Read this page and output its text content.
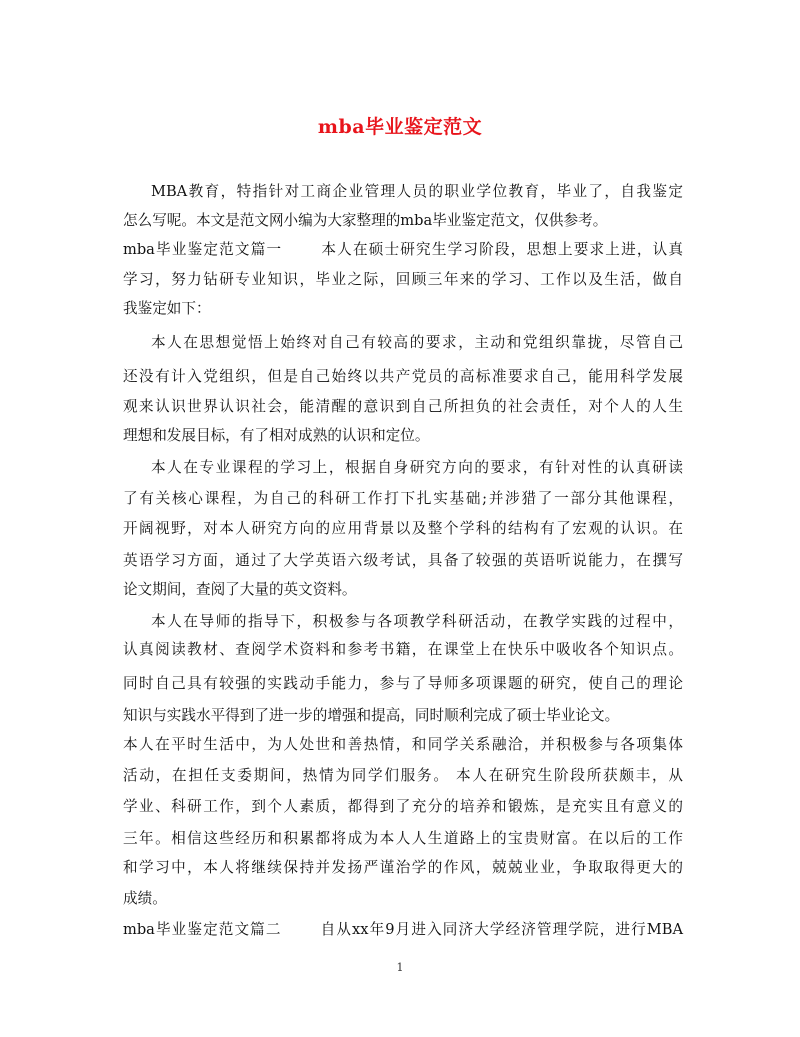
mba毕业鉴定范文
MBA教育，特指针对工商企业管理人员的职业学位教育，毕业了，自我鉴定
怎么写呢。本文是范文网小编为大家整理的mba毕业鉴定范文，仅供参考。
mba毕业鉴定范文篇一	本人在硕士研究生学习阶段，思想上要求上进，认真
学习，努力钻研专业知识，毕业之际，回顾三年来的学习、工作以及生活，做自
我鉴定如下：
本人在思想觉悟上始终对自己有较高的要求，主动和党组织靠拢，尽管自己
还没有计入党组织，但是自己始终以共产党员的高标准要求自己，能用科学发展
观来认识世界认识社会，能清醒的意识到自己所担负的社会责任，对个人的人生
理想和发展目标，有了相对成熟的认识和定位。
本人在专业课程的学习上，根据自身研究方向的要求，有针对性的认真研读
了有关核心课程，为自己的科研工作打下扎实基础;并涉猎了一部分其他课程，
开阔视野，对本人研究方向的应用背景以及整个学科的结构有了宏观的认识。在
英语学习方面，通过了大学英语六级考试，具备了较强的英语听说能力，在撰写
论文期间，查阅了大量的英文资料。
本人在导师的指导下，积极参与各项教学科研活动，在教学实践的过程中，
认真阅读教材、查阅学术资料和参考书籍，在课堂上在快乐中吸收各个知识点。
同时自己具有较强的实践动手能力，参与了导师多项课题的研究，使自己的理论
知识与实践水平得到了进一步的增强和提高，同时顺利完成了硕士毕业论文。
本人在平时生活中，为人处世和善热情，和同学关系融洽，并积极参与各项集体
活动，在担任支委期间，热情为同学们服务。 本人在研究生阶段所获颇丰，从
学业、科研工作，到个人素质，都得到了充分的培养和锻炼，是充实且有意义的
三年。相信这些经历和积累都将成为本人人生道路上的宝贵财富。在以后的工作
和学习中，本人将继续保持并发扬严谨治学的作风，兢兢业业，争取取得更大的
成绩。
mba毕业鉴定范文篇二	自从xx年9月进入同济大学经济管理学院，进行MBA
1
